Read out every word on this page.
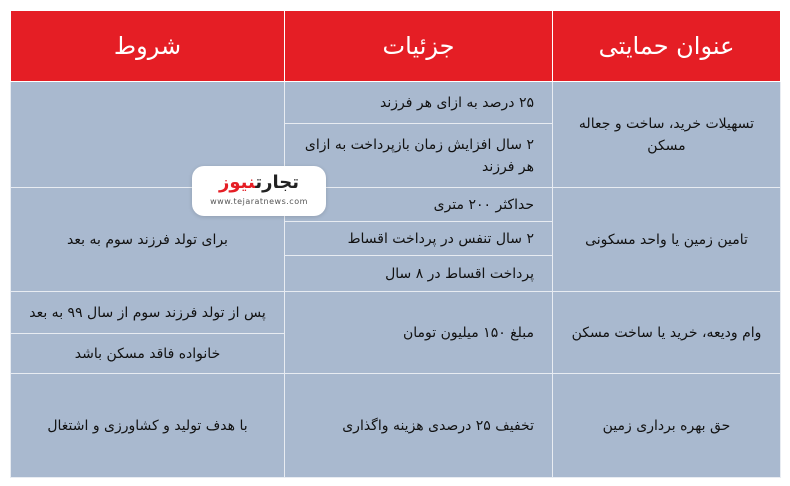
عنوان حمایتی	جزئیات	شروط
تسهیلات خرید، ساخت و جعاله مسکن	۲۵ درصد به ازای هر فرزند	
	۲ سال افزایش زمان بازپرداخت به ازای هر فرزند	
تامین زمین یا واحد مسکونی	حداکثر ۲۰۰ متری	برای تولد فرزند سوم به بعد
	۲ سال تنفس در پرداخت اقساط	
	پرداخت اقساط در ۸ سال	
وام ودیعه، خرید یا ساخت مسکن	مبلغ ۱۵۰ میلیون تومان	پس از تولد فرزند سوم از سال ۹۹ به بعد
		خانواده فاقد مسکن باشد
حق بهره برداری زمین	تخفیف ۲۵ درصدی هزینه واگذاری	با هدف تولید و کشاورزی و اشتغال
تجارتنیوز
www.tejaratnews.com
